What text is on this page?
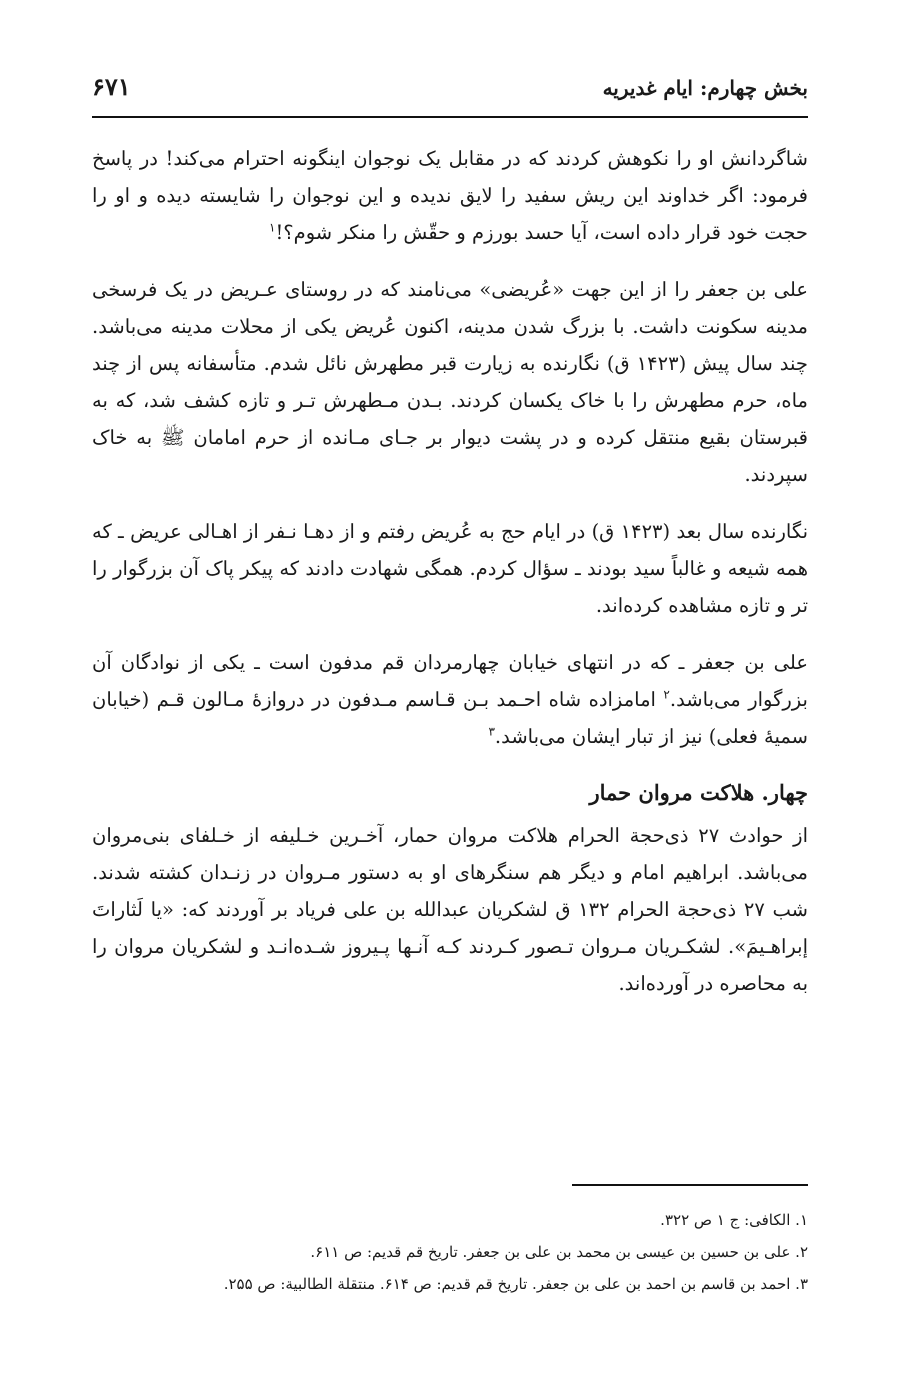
بخش چهارم: ایام غدیریه
۶۷۱

شاگردانش او را نکوهش کردند که در مقابل یک نوجوان اینگونه احترام می‌کند! در پاسخ فرمود: اگر خداوند این ریش سفید را لایق ندیده و این نوجوان را شایسته دیده و او را حجت خود قرار داده است، آیا حسد بورزم و حقّش را منکر شوم؟!$^۱$

علی بن جعفر را از این جهت «عُریضی» می‌نامند که در روستای عـریض در یک فرسخی مدینه سکونت داشت. با بزرگ شدن مدینه، اکنون عُریض یکی از محلات مدینه می‌باشد. چند سال پیش (۱۴۲۳ ق) نگارنده به زیارت قبر مطهرش نائل شدم. متأسفانه پس از چند ماه، حرم مطهرش را با خاک یکسان کردند. بـدن مـطهرش تـر و تازه کشف شد، که به قبرستان بقیع منتقل کرده و در پشت دیوار بر جـای مـانده از حرم امامان ﷺ به خاک سپردند.

نگارنده سال بعد (۱۴۲۳ ق) در ایام حج به عُریض رفتم و از دهـا نـفر از اهـالی عریض ـ که همه شیعه و غالباً سید بودند ـ سؤال کردم. همگی شهادت دادند که پیکر پاک آن بزرگوار را تر و تازه مشاهده کرده‌اند.

علی بن جعفر ـ که در انتهای خیابان چهارمردان قم مدفون است ـ یکی از نوادگان آن بزرگوار می‌باشد.$^۲$ امامزاده شاه احـمد بـن قـاسم مـدفون در دروازهٔ مـالون قـم (خیابان سمیهٔ فعلی) نیز از تبار ایشان می‌باشد.$^۳$

چهار. هلاکت مروان حمار

از حوادث ۲۷ ذی‌حجة الحرام هلاکت مروان حمار، آخـرین خـلیفه از خـلفای بنی‌مروان می‌باشد. ابراهیم امام و دیگر هم سنگرهای او به دستور مـروان در زنـدان کشته شدند. شب ۲۷ ذی‌حجة الحرام ۱۳۲ ق لشکریان عبدالله بن علی فریاد بر آوردند که: «یا لَثاراتَ إبراهـیمَ». لشکـریان مـروان تـصور کـردند کـه آنـها پـیروز شـده‌انـد و لشکریان مروان را به محاصره در آورده‌اند.

۱. الکافی: ج ۱ ص ۳۲۲.

۲. علی بن حسین بن عیسی بن محمد بن علی بن جعفر. تاریخ قم قدیم: ص ۶۱۱.

۳. احمد بن قاسم بن احمد بن علی بن جعفر. تاریخ قم قدیم: ص ۶۱۴. منتقلة الطالبیة: ص ۲۵۵.
